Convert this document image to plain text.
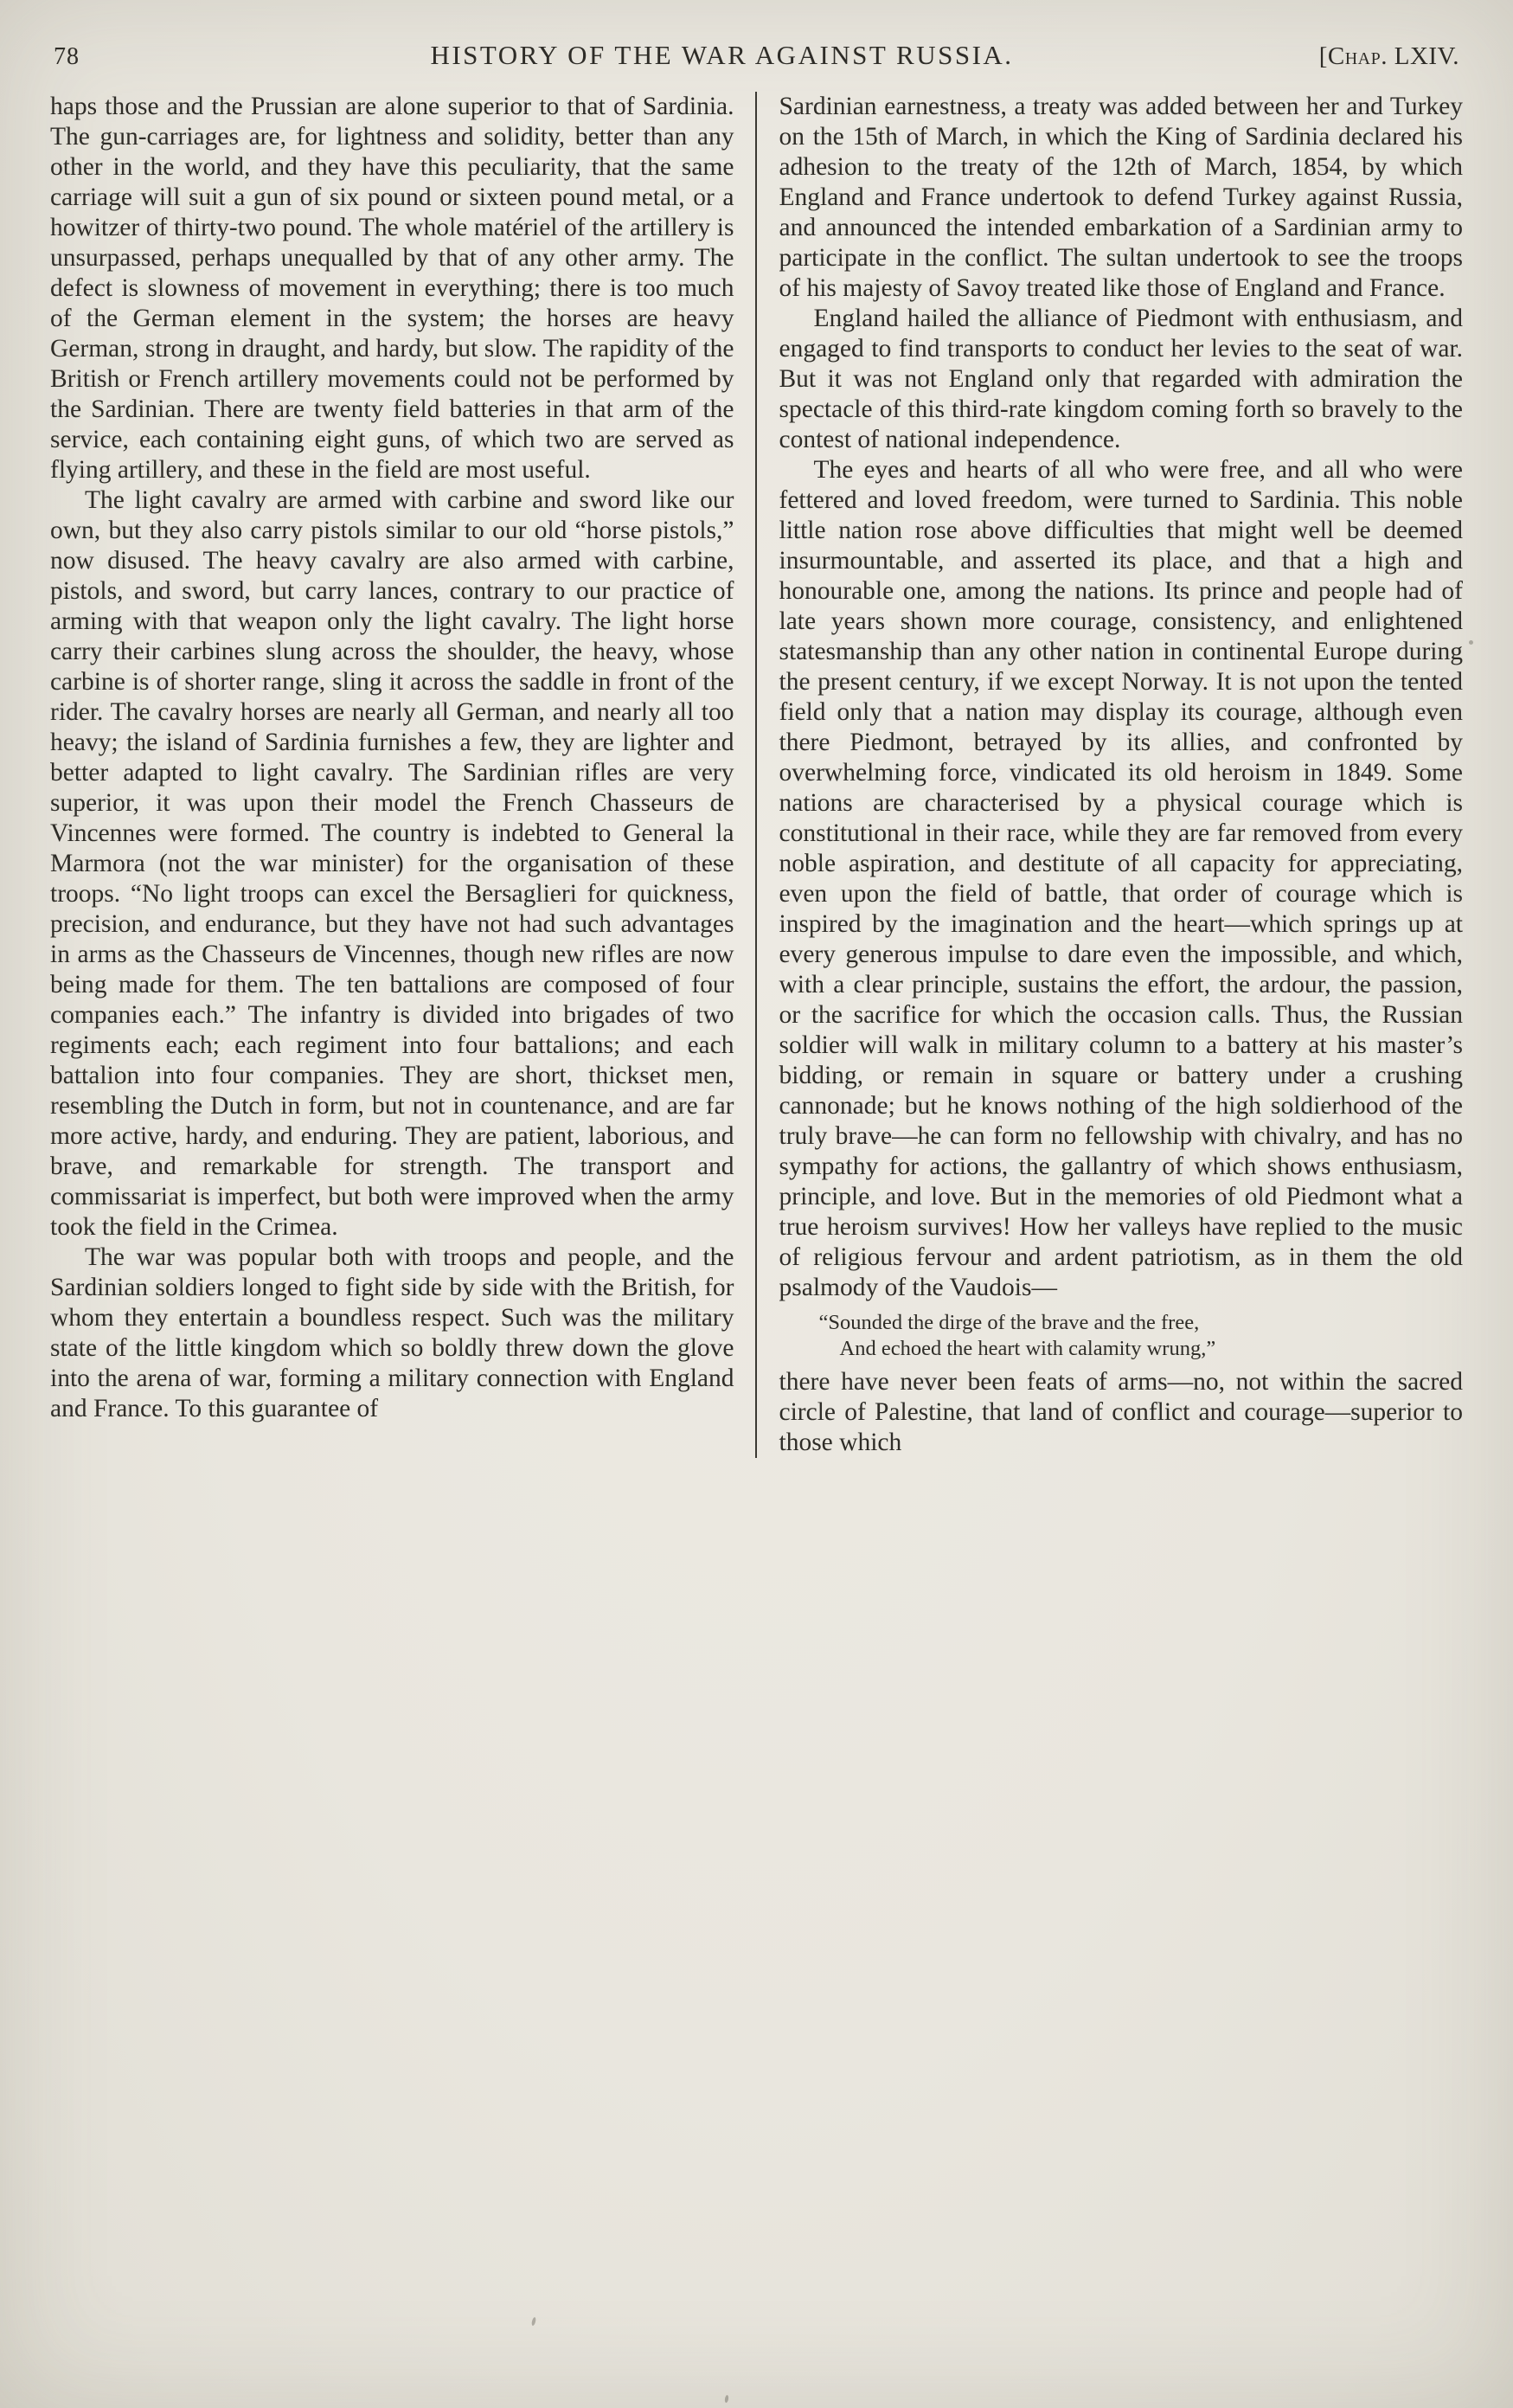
78	HISTORY OF THE WAR AGAINST RUSSIA.	[Chap. LXIV.

haps those and the Prussian are alone superior to that of Sardinia. The gun-carriages are, for lightness and solidity, better than any other in the world, and they have this peculiarity, that the same carriage will suit a gun of six pound or sixteen pound metal, or a howitzer of thirty-two pound. The whole matériel of the artillery is unsurpassed, perhaps unequalled by that of any other army. The defect is slowness of movement in everything; there is too much of the German element in the system; the horses are heavy German, strong in draught, and hardy, but slow. The rapidity of the British or French artillery movements could not be performed by the Sardinian. There are twenty field batteries in that arm of the service, each containing eight guns, of which two are served as flying artillery, and these in the field are most useful.

The light cavalry are armed with carbine and sword like our own, but they also carry pistols similar to our old “horse pistols,” now disused. The heavy cavalry are also armed with carbine, pistols, and sword, but carry lances, contrary to our practice of arming with that weapon only the light cavalry. The light horse carry their carbines slung across the shoulder, the heavy, whose carbine is of shorter range, sling it across the saddle in front of the rider. The cavalry horses are nearly all German, and nearly all too heavy; the island of Sardinia furnishes a few, they are lighter and better adapted to light cavalry. The Sardinian rifles are very superior, it was upon their model the French Chasseurs de Vincennes were formed. The country is indebted to General la Marmora (not the war minister) for the organisation of these troops. “No light troops can excel the Bersaglieri for quickness, precision, and endurance, but they have not had such advantages in arms as the Chasseurs de Vincennes, though new rifles are now being made for them. The ten battalions are composed of four companies each.” The infantry is divided into brigades of two regiments each; each regiment into four battalions; and each battalion into four companies. They are short, thickset men, resembling the Dutch in form, but not in countenance, and are far more active, hardy, and enduring. They are patient, laborious, and brave, and remarkable for strength. The transport and commissariat is imperfect, but both were improved when the army took the field in the Crimea.

The war was popular both with troops and people, and the Sardinian soldiers longed to fight side by side with the British, for whom they entertain a boundless respect. Such was the military state of the little kingdom which so boldly threw down the glove into the arena of war, forming a military connection with England and France. To this guarantee of

Sardinian earnestness, a treaty was added between her and Turkey on the 15th of March, in which the King of Sardinia declared his adhesion to the treaty of the 12th of March, 1854, by which England and France undertook to defend Turkey against Russia, and announced the intended embarkation of a Sardinian army to participate in the conflict. The sultan undertook to see the troops of his majesty of Savoy treated like those of England and France.

England hailed the alliance of Piedmont with enthusiasm, and engaged to find transports to conduct her levies to the seat of war. But it was not England only that regarded with admiration the spectacle of this third-rate kingdom coming forth so bravely to the contest of national independence.

The eyes and hearts of all who were free, and all who were fettered and loved freedom, were turned to Sardinia. This noble little nation rose above difficulties that might well be deemed insurmountable, and asserted its place, and that a high and honourable one, among the nations. Its prince and people had of late years shown more courage, consistency, and enlightened statesmanship than any other nation in continental Europe during the present century, if we except Norway. It is not upon the tented field only that a nation may display its courage, although even there Piedmont, betrayed by its allies, and confronted by overwhelming force, vindicated its old heroism in 1849. Some nations are characterised by a physical courage which is constitutional in their race, while they are far removed from every noble aspiration, and destitute of all capacity for appreciating, even upon the field of battle, that order of courage which is inspired by the imagination and the heart—which springs up at every generous impulse to dare even the impossible, and which, with a clear principle, sustains the effort, the ardour, the passion, or the sacrifice for which the occasion calls. Thus, the Russian soldier will walk in military column to a battery at his master’s bidding, or remain in square or battery under a crushing cannonade; but he knows nothing of the high soldierhood of the truly brave—he can form no fellowship with chivalry, and has no sympathy for actions, the gallantry of which shows enthusiasm, principle, and love. But in the memories of old Piedmont what a true heroism survives! How her valleys have replied to the music of religious fervour and ardent patriotism, as in them the old psalmody of the Vaudois—

“Sounded the dirge of the brave and the free,
And echoed the heart with calamity wrung,”

there have never been feats of arms—no, not within the sacred circle of Palestine, that land of conflict and courage—superior to those which
